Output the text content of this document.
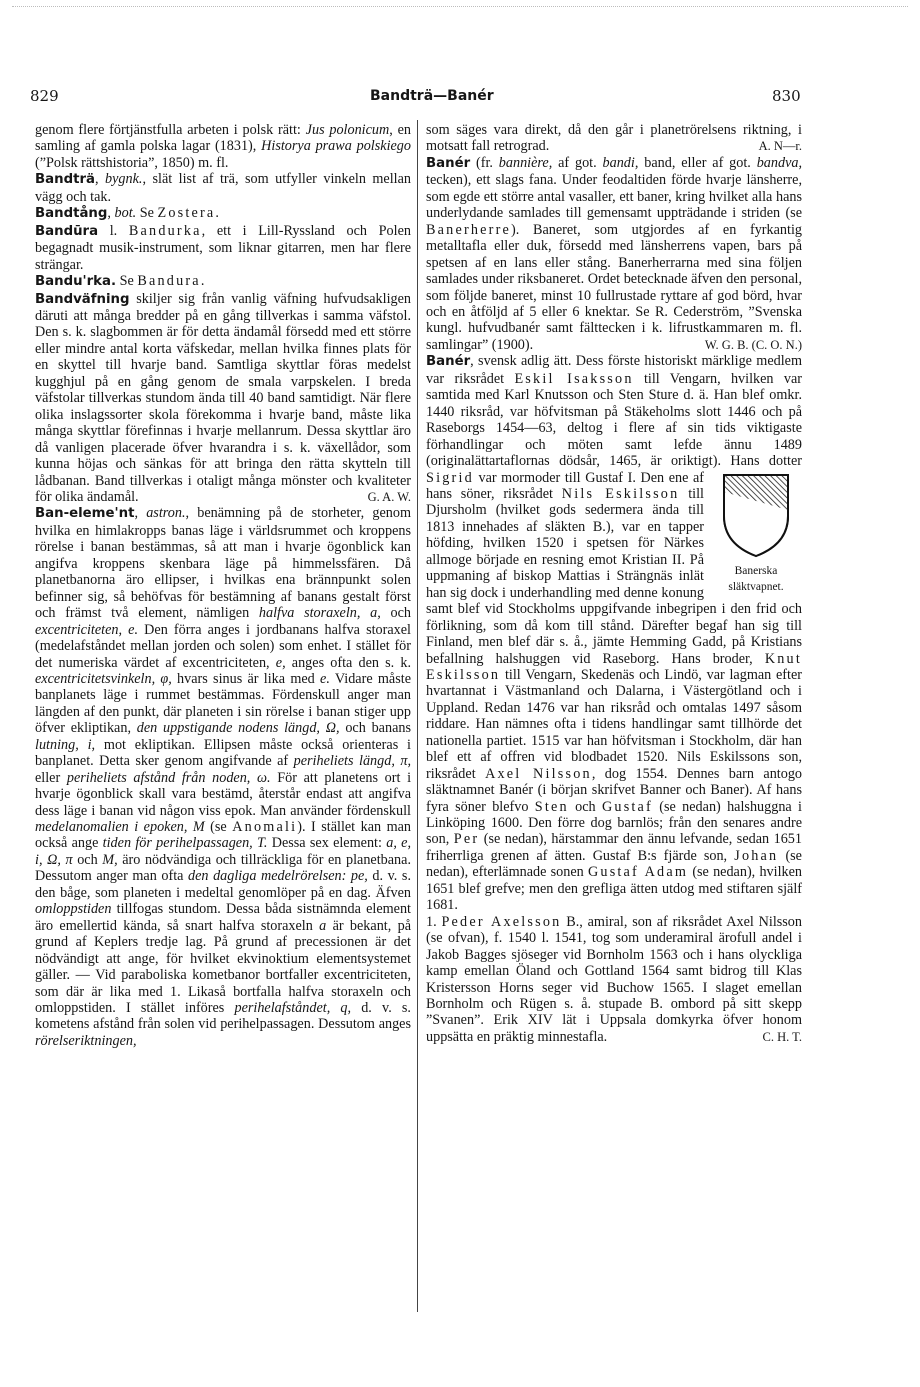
829	Bandträ—Banér	830

genom flere förtjänstfulla arbeten i polsk rätt: Jus polonicum, en samling af gamla polska lagar (1831), Historya prawa polskiego (”Polsk rättshistoria”, 1850) m. fl.

Bandträ, bygnk., slät list af trä, som utfyller vinkeln mellan vägg och tak.

Bandtång, bot. Se Zostera.

Bandūra l. Bandurka, ett i Lill-Ryssland och Polen begagnadt musik-instrument, som liknar gitarren, men har flere strängar.

Bandu'rka. Se Bandura.

Bandväfning skiljer sig från vanlig väfning hufvudsakligen däruti att många bredder på en gång tillverkas i samma väfstol. Den s. k. slagbommen är för detta ändamål försedd med ett större eller mindre antal korta väfskedar, mellan hvilka finnes plats för en skyttel till hvarje band. Samtliga skyttlar föras medelst kugghjul på en gång genom de smala varpskelen. I breda väfstolar tillverkas stundom ända till 40 band samtidigt. När flere olika inslagssorter skola förekomma i hvarje band, måste lika många skyttlar förefinnas i hvarje mellanrum. Dessa skyttlar äro då vanligen placerade öfver hvarandra i s. k. växellådor, som kunna höjas och sänkas för att bringa den rätta skytteln till lådbanan. Band tillverkas i otaligt många mönster och kvaliteter för olika ändamål.	G. A. W.

Ban-eleme'nt, astron., benämning på de storheter, genom hvilka en himlakropps banas läge i världsrummet och kroppens rörelse i banan bestämmas, så att man i hvarje ögonblick kan angifva kroppens skenbara läge på himmelssfären. Då planetbanorna äro ellipser, i hvilkas ena brännpunkt solen befinner sig, så behöfvas för bestämning af banans gestalt först och främst två element, nämligen halfva storaxeln, a, och excentriciteten, e. Den förra anges i jordbanans halfva storaxel (medelafståndet mellan jorden och solen) som enhet. I stället för det numeriska värdet af excentriciteten, e, anges ofta den s. k. excentricitetsvinkeln, φ, hvars sinus är lika med e. Vidare måste banplanets läge i rummet bestämmas. Fördenskull anger man längden af den punkt, där planeten i sin rörelse i banan stiger upp öfver ekliptikan, den uppstigande nodens längd, Ω, och banans lutning, i, mot ekliptikan. Ellipsen måste också orienteras i banplanet. Detta sker genom angifvande af periheliets längd, π, eller periheliets afstånd från noden, ω. För att planetens ort i hvarje ögonblick skall vara bestämd, återstår endast att angifva dess läge i banan vid någon viss epok. Man använder fördenskull medelanomalien i epoken, M (se Anomali). I stället kan man också ange tiden för perihelpassagen, T. Dessa sex element: a, e, i, Ω, π och M, äro nödvändiga och tillräckliga för en planetbana. Dessutom anger man ofta den dagliga medelrörelsen: pe, d. v. s. den båge, som planeten i medeltal genomlöper på en dag. Äfven omloppstiden tillfogas stundom. Dessa båda sistnämnda element äro emellertid kända, så snart halfva storaxeln a är bekant, på grund af Keplers tredje lag. På grund af precessionen är det nödvändigt att ange, för hvilket ekvinoktium elementsystemet gäller. — Vid paraboliska kometbanor bortfaller excentriciteten, som där är lika med 1. Likaså bortfalla halfva storaxeln och omloppstiden. I stället införes perihelafståndet, q, d. v. s. kometens afstånd från solen vid perihelpassagen. Dessutom anges rörelseriktningen,

som säges vara direkt, då den går i planetrörelsens riktning, i motsatt fall retrograd.	A. N—r.

Banér (fr. bannière, af got. bandi, band, eller af got. bandva, tecken), ett slags fana. Under feodaltiden förde hvarje länsherre, som egde ett större antal vasaller, ett baner, kring hvilket alla hans underlydande samlades till gemensamt uppträdande i striden (se Banerherre). Baneret, som utgjordes af en fyrkantig metalltafla eller duk, försedd med länsherrens vapen, bars på spetsen af en lans eller stång. Banerherrarna med sina följen samlades under riksbaneret. Ordet betecknade äfven den personal, som följde baneret, minst 10 fullrustade ryttare af god börd, hvar och en åtföljd af 5 eller 6 knektar. Se R. Cederström, ”Svenska kungl. hufvudbanér samt fälttecken i k. lifrustkammaren m. fl. samlingar” (1900).	W. G. B. (C. O. N.)

Banér, svensk adlig ätt. Dess förste historiskt märklige medlem var riksrådet Eskil Isaksson till Vengarn, hvilken var samtida med Karl Knutsson och Sten Sture d. ä. Han blef omkr. 1440 riksråd, var höfvitsman på Stäkeholms slott 1446 och på Raseborgs 1454—63, deltog i flere af sin tids viktigaste förhandlingar och möten samt lefde ännu 1489 (originalättartaflornas dödsår, 1465, är oriktigt). Hans dotter
Banerska släktvapnet.
Sigrid var mormoder till Gustaf I. Den ene af hans söner, riksrådet Nils Eskilsson till Djursholm (hvilket gods sedermera ända till 1813 innehades af släkten B.), var en tapper höfding, hvilken 1520 i spetsen för Närkes allmoge började en resning emot Kristian II. På uppmaning af biskop Mattias i Strängnäs inlät han sig dock i underhandling med denne konung samt blef vid Stockholms uppgifvande inbegripen i den frid och förlikning, som då kom till stånd. Därefter begaf han sig till Finland, men blef där s. å., jämte Hemming Gadd, på Kristians befallning halshuggen vid Raseborg. Hans broder, Knut Eskilsson till Vengarn, Skedenäs och Lindö, var lagman efter hvartannat i Västmanland och Dalarna, i Västergötland och i Uppland. Redan 1476 var han riksråd och omtalas 1497 såsom riddare. Han nämnes ofta i tidens handlingar samt tillhörde det nationella partiet. 1515 var han höfvitsman i Stockholm, där han blef ett af offren vid blodbadet 1520. Nils Eskilssons son, riksrådet Axel Nilsson, dog 1554. Dennes barn antogo släktnamnet Banér (i början skrifvet Banner och Baner). Af hans fyra söner blefvo Sten och Gustaf (se nedan) halshuggna i Linköping 1600. Den förre dog barnlös; från den senares andre son, Per (se nedan), härstammar den ännu lefvande, sedan 1651 friherrliga grenen af ätten. Gustaf B:s fjärde son, Johan (se nedan), efterlämnade sonen Gustaf Adam (se nedan), hvilken 1651 blef grefve; men den grefliga ätten utdog med stiftaren själf 1681.

1. Peder Axelsson B., amiral, son af riksrådet Axel Nilsson (se ofvan), f. 1540 l. 1541, tog som underamiral ärofull andel i Jakob Bagges sjöseger vid Bornholm 1563 och i hans olyckliga kamp emellan Öland och Gottland 1564 samt bidrog till Klas Kristersson Horns seger vid Buchow 1565. I slaget emellan Bornholm och Rügen s. å. stupade B. ombord på sitt skepp ”Svanen”. Erik XIV lät i Uppsala domkyrka öfver honom uppsätta en präktig minnestafla.	C. H. T.
